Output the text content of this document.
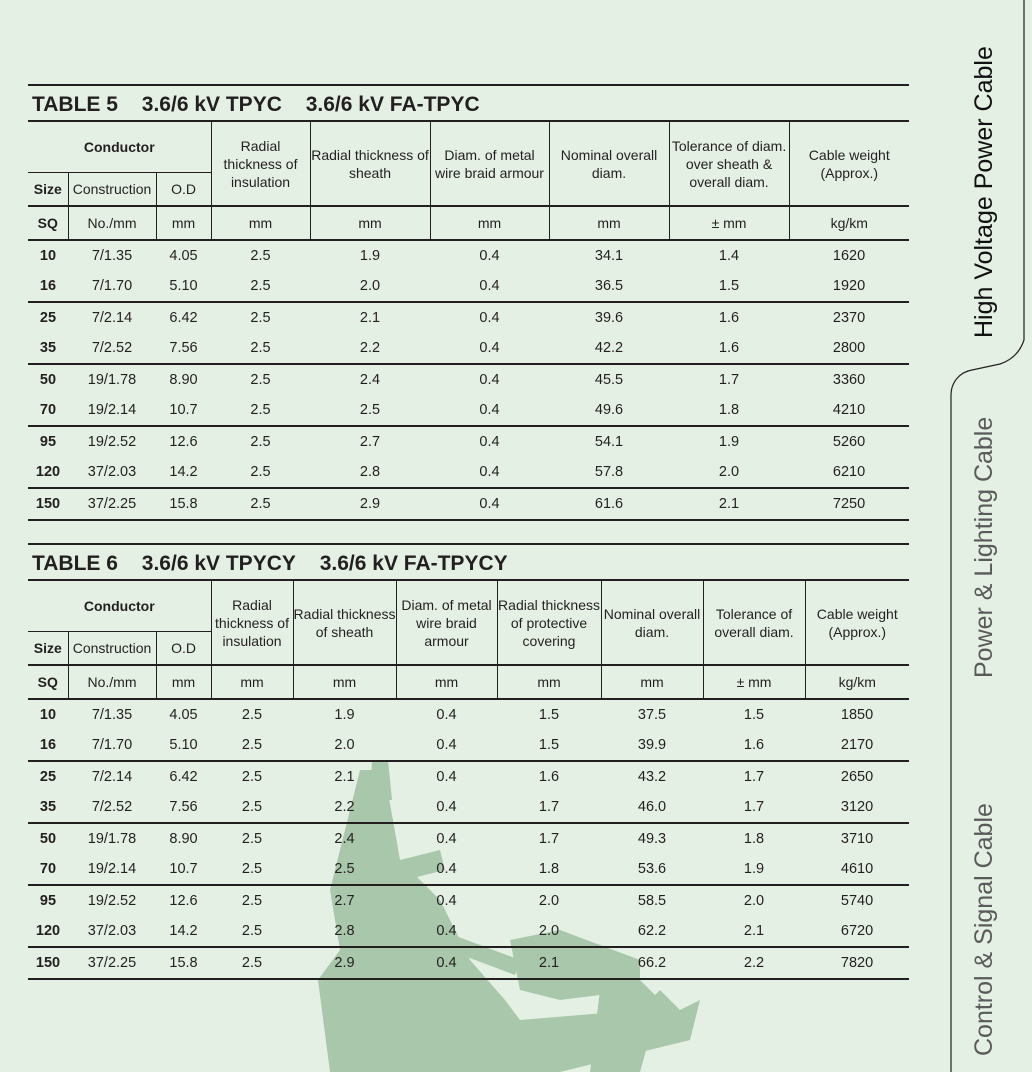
TABLE 5 3.6/6 kV TPYC 3.6/6 kV FA-TPYC
Conductor			Radial thickness of insulation	Radial thickness of sheath	Diam. of metal wire braid armour	Nominal overall diam.	Tolerance of diam. over sheath & overall diam.	Cable weight (Approx.)
Size	Construction	O.D						
SQ	No./mm	mm	mm	mm	mm	mm	± mm	kg/km
10	7/1.35	4.05	2.5	1.9	0.4	34.1	1.4	1620
16	7/1.70	5.10	2.5	2.0	0.4	36.5	1.5	1920
25	7/2.14	6.42	2.5	2.1	0.4	39.6	1.6	2370
35	7/2.52	7.56	2.5	2.2	0.4	42.2	1.6	2800
50	19/1.78	8.90	2.5	2.4	0.4	45.5	1.7	3360
70	19/2.14	10.7	2.5	2.5	0.4	49.6	1.8	4210
95	19/2.52	12.6	2.5	2.7	0.4	54.1	1.9	5260
120	37/2.03	14.2	2.5	2.8	0.4	57.8	2.0	6210
150	37/2.25	15.8	2.5	2.9	0.4	61.6	2.1	7250
TABLE 6 3.6/6 kV TPYCY 3.6/6 kV FA-TPYCY
Conductor			Radial thickness of insulation	Radial thickness of sheath	Diam. of metal wire braid armour	Radial thickness of protective covering	Nominal overall diam.	Tolerance of overall diam.	Cable weight (Approx.)
Size	Construction	O.D							
SQ	No./mm	mm	mm	mm	mm	mm	mm	± mm	kg/km
10	7/1.35	4.05	2.5	1.9	0.4	1.5	37.5	1.5	1850
16	7/1.70	5.10	2.5	2.0	0.4	1.5	39.9	1.6	2170
25	7/2.14	6.42	2.5	2.1	0.4	1.6	43.2	1.7	2650
35	7/2.52	7.56	2.5	2.2	0.4	1.7	46.0	1.7	3120
50	19/1.78	8.90	2.5	2.4	0.4	1.7	49.3	1.8	3710
70	19/2.14	10.7	2.5	2.5	0.4	1.8	53.6	1.9	4610
95	19/2.52	12.6	2.5	2.7	0.4	2.0	58.5	2.0	5740
120	37/2.03	14.2	2.5	2.8	0.4	2.0	62.2	2.1	6720
150	37/2.25	15.8	2.5	2.9	0.4	2.1	66.2	2.2	7820
High Voltage Power Cable
Power & Lighting Cable
Control & Signal Cable
